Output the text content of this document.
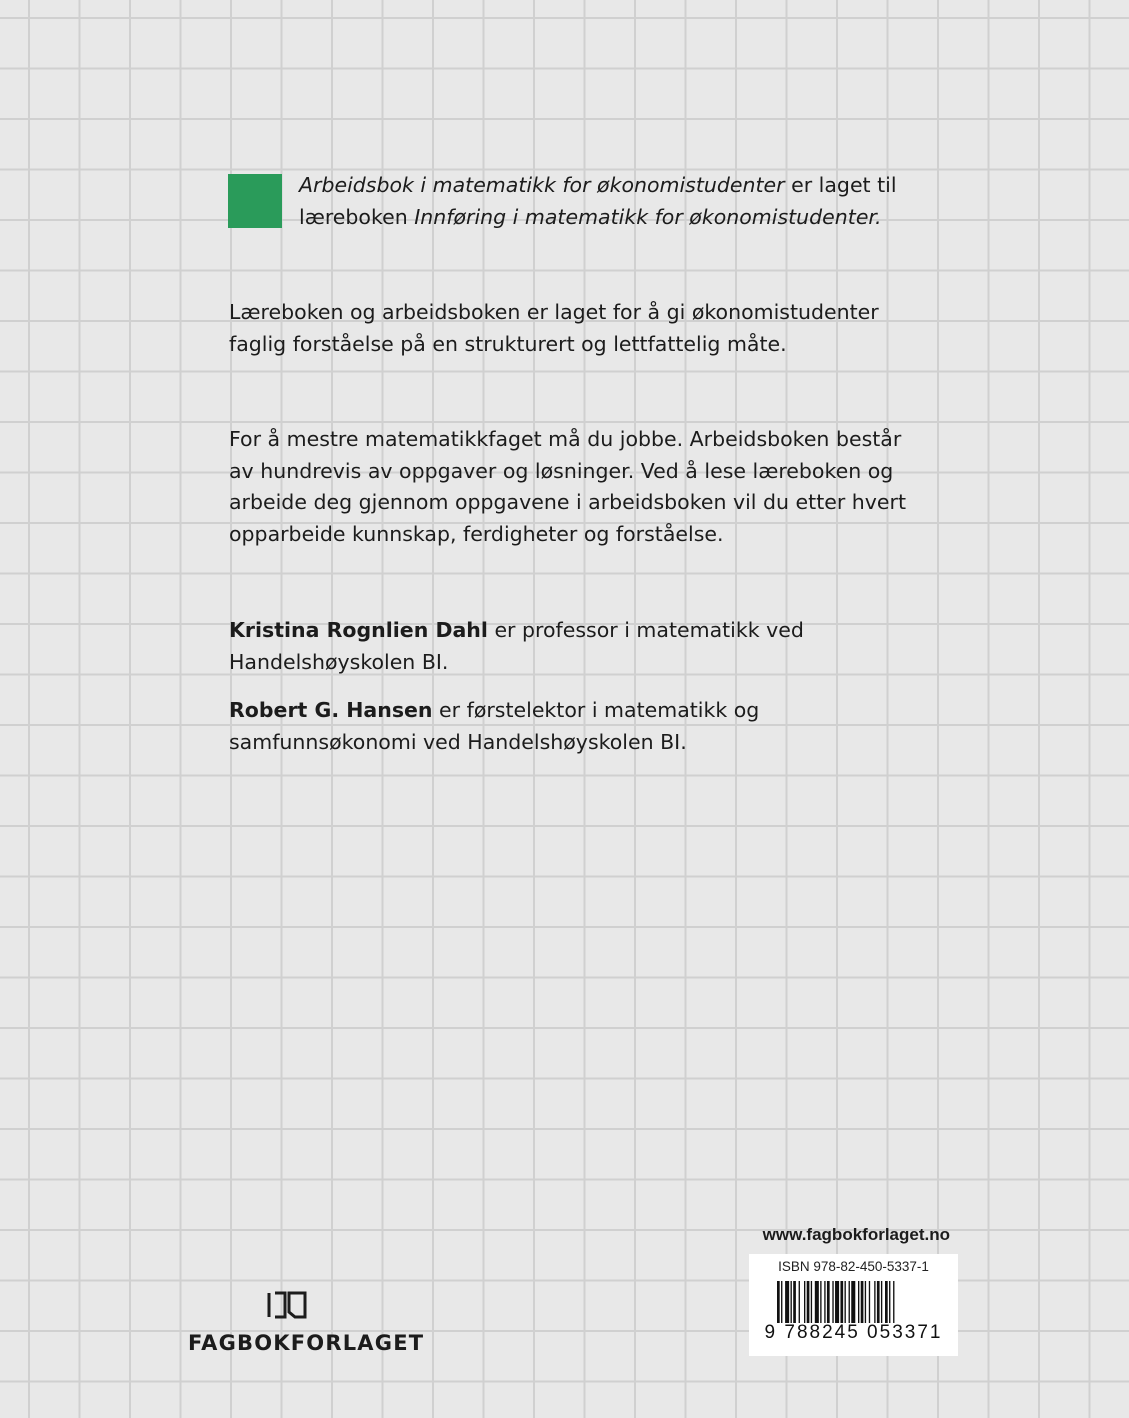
Arbeidsbok i matematikk for økonomistudenter er laget til læreboken Innføring i matematikk for økonomistudenter.

Læreboken og arbeidsboken er laget for å gi økonomistudenter faglig forståelse på en strukturert og lettfattelig måte.

For å mestre matematikkfaget må du jobbe. Arbeidsboken består av hundrevis av oppgaver og løsninger. Ved å lese læreboken og arbeide deg gjennom oppgavene i arbeidsboken vil du etter hvert opparbeide kunnskap, ferdigheter og forståelse.

Kristina Rognlien Dahl er professor i matematikk ved Handelshøyskolen BI.

Robert G. Hansen er førstelektor i matematikk og samfunnsøkonomi ved Handelshøyskolen BI.

www.fagbokforlaget.no
ISBN 978-82-450-5337-1
9 788245 053371
FAGBOKFORLAGET
